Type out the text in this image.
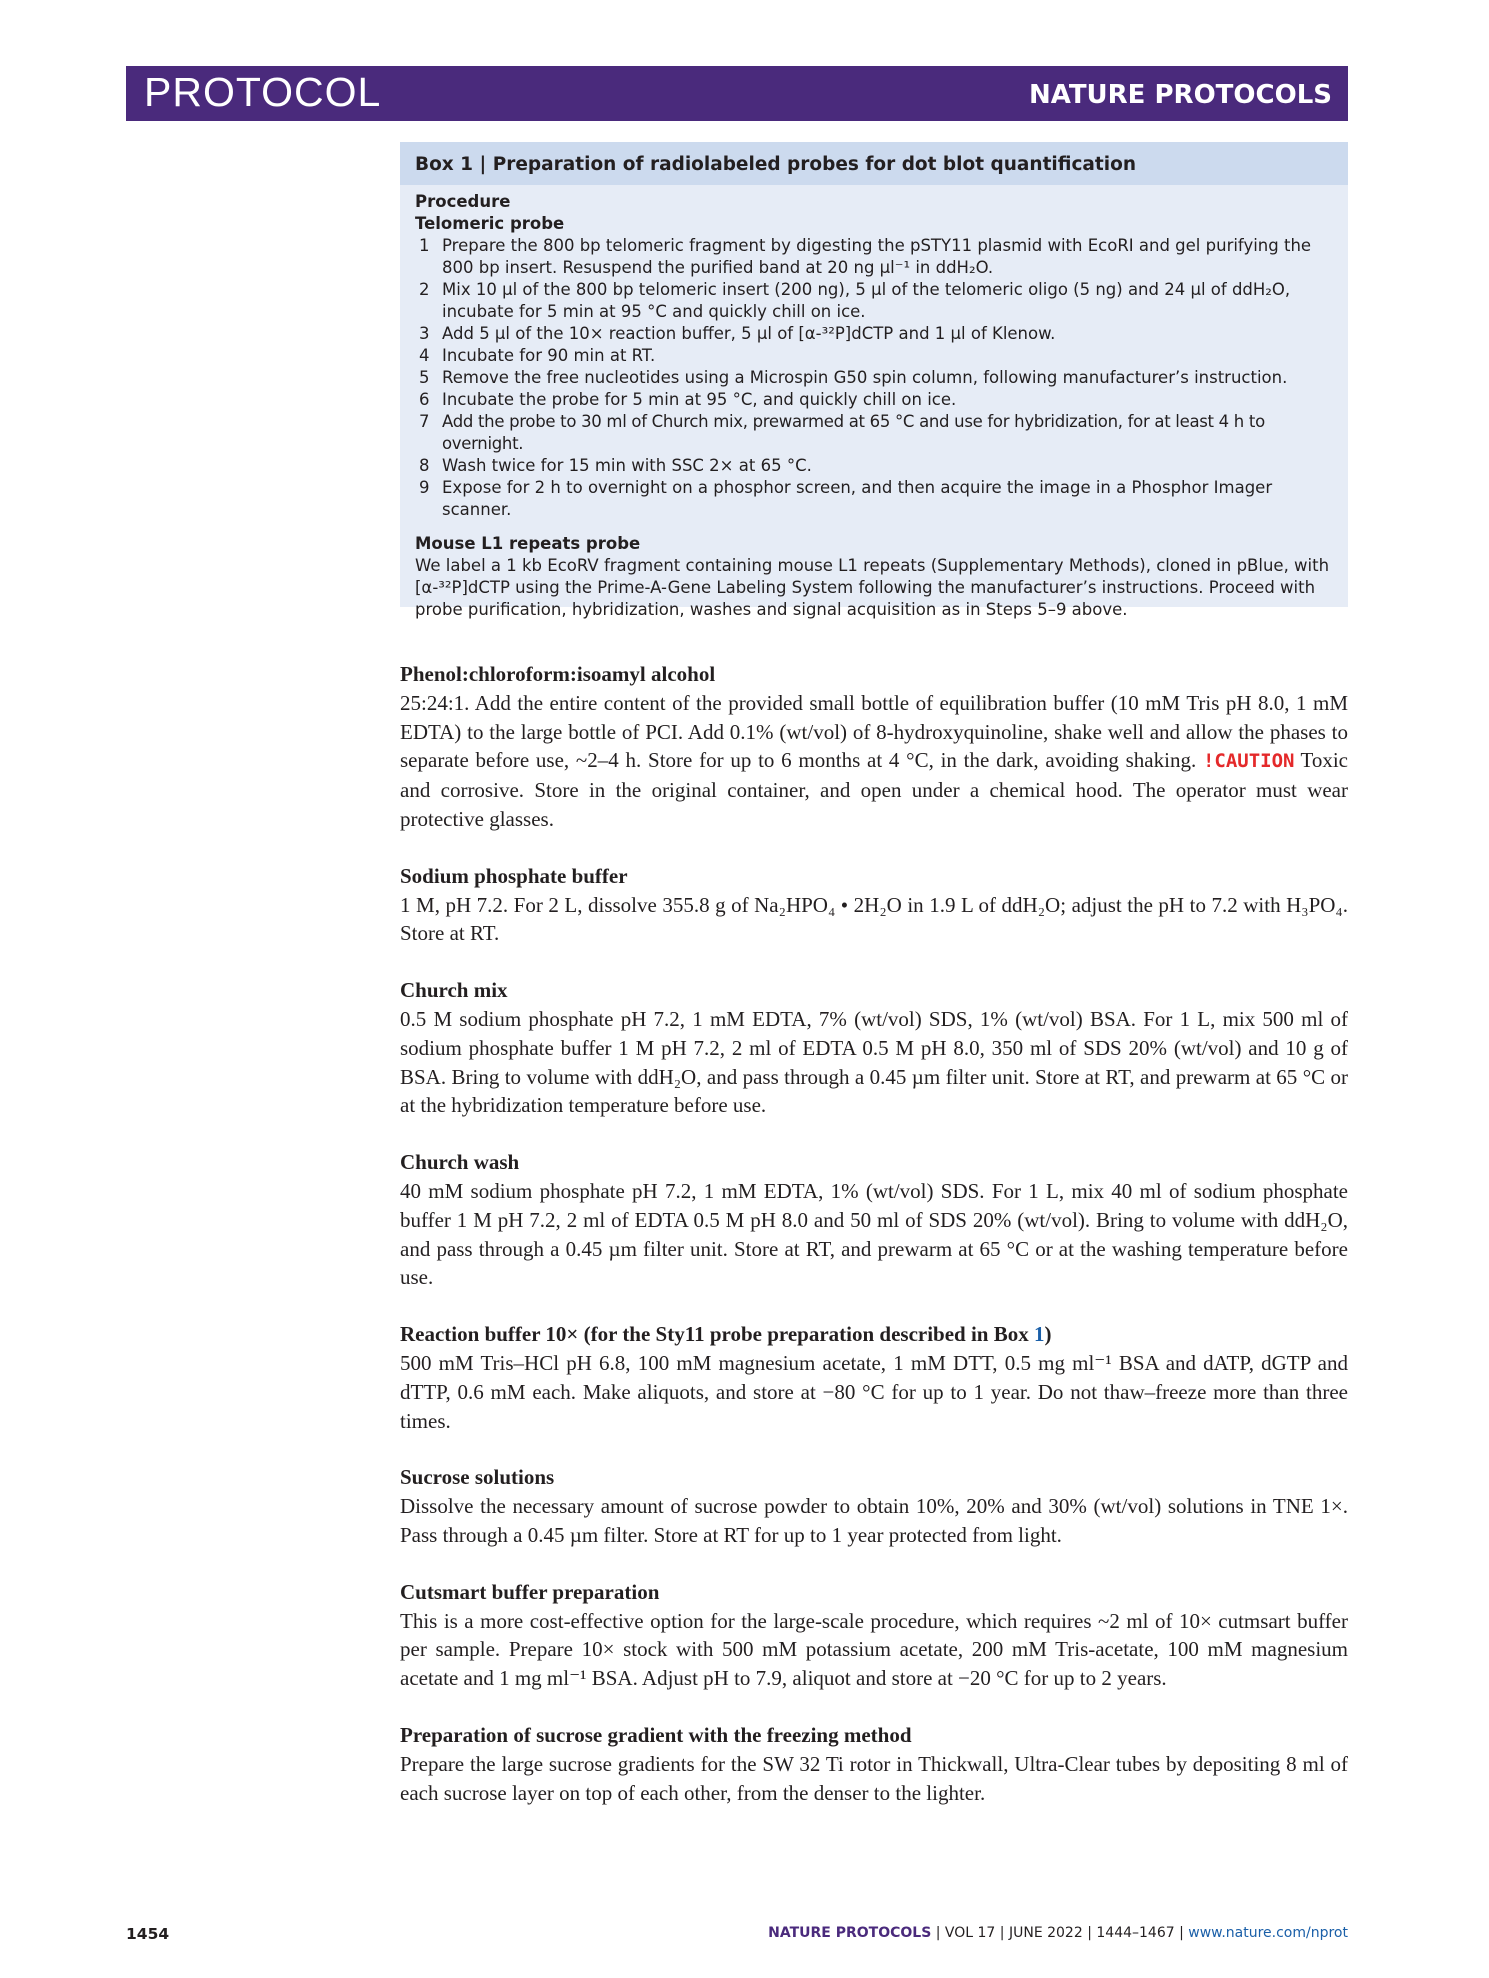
PROTOCOL	NATURE PROTOCOLS
Box 1 | Preparation of radiolabeled probes for dot blot quantification
Procedure
Telomeric probe
1 Prepare the 800 bp telomeric fragment by digesting the pSTY11 plasmid with EcoRI and gel purifying the 800 bp insert. Resuspend the purified band at 20 ng µl⁻¹ in ddH₂O.
2 Mix 10 µl of the 800 bp telomeric insert (200 ng), 5 µl of the telomeric oligo (5 ng) and 24 µl of ddH₂O, incubate for 5 min at 95 °C and quickly chill on ice.
3 Add 5 µl of the 10× reaction buffer, 5 µl of [α-³²P]dCTP and 1 µl of Klenow.
4 Incubate for 90 min at RT.
5 Remove the free nucleotides using a Microspin G50 spin column, following manufacturer’s instruction.
6 Incubate the probe for 5 min at 95 °C, and quickly chill on ice.
7 Add the probe to 30 ml of Church mix, prewarmed at 65 °C and use for hybridization, for at least 4 h to overnight.
8 Wash twice for 15 min with SSC 2× at 65 °C.
9 Expose for 2 h to overnight on a phosphor screen, and then acquire the image in a Phosphor Imager scanner.
Mouse L1 repeats probe
We label a 1 kb EcoRV fragment containing mouse L1 repeats (Supplementary Methods), cloned in pBlue, with [α-³²P]dCTP using the Prime-A-Gene Labeling System following the manufacturer’s instructions. Proceed with probe purification, hybridization, washes and signal acquisition as in Steps 5–9 above.
Phenol:chloroform:isoamyl alcohol

25:24:1. Add the entire content of the provided small bottle of equilibration buffer (10 mM Tris pH 8.0, 1 mM EDTA) to the large bottle of PCI. Add 0.1% (wt/vol) of 8-hydroxyquinoline, shake well and allow the phases to separate before use, ~2–4 h. Store for up to 6 months at 4 °C, in the dark, avoiding shaking. !CAUTION Toxic and corrosive. Store in the original container, and open under a chemical hood. The operator must wear protective glasses.

Sodium phosphate buffer

1 M, pH 7.2. For 2 L, dissolve 355.8 g of Na₂HPO₄ • 2H₂O in 1.9 L of ddH₂O; adjust the pH to 7.2 with H₃PO₄. Store at RT.

Church mix

0.5 M sodium phosphate pH 7.2, 1 mM EDTA, 7% (wt/vol) SDS, 1% (wt/vol) BSA. For 1 L, mix 500 ml of sodium phosphate buffer 1 M pH 7.2, 2 ml of EDTA 0.5 M pH 8.0, 350 ml of SDS 20% (wt/vol) and 10 g of BSA. Bring to volume with ddH₂O, and pass through a 0.45 µm filter unit. Store at RT, and prewarm at 65 °C or at the hybridization temperature before use.

Church wash

40 mM sodium phosphate pH 7.2, 1 mM EDTA, 1% (wt/vol) SDS. For 1 L, mix 40 ml of sodium phosphate buffer 1 M pH 7.2, 2 ml of EDTA 0.5 M pH 8.0 and 50 ml of SDS 20% (wt/vol). Bring to volume with ddH₂O, and pass through a 0.45 µm filter unit. Store at RT, and prewarm at 65 °C or at the washing temperature before use.

Reaction buffer 10× (for the Sty11 probe preparation described in Box 1)

500 mM Tris–HCl pH 6.8, 100 mM magnesium acetate, 1 mM DTT, 0.5 mg ml⁻¹ BSA and dATP, dGTP and dTTP, 0.6 mM each. Make aliquots, and store at −80 °C for up to 1 year. Do not thaw–freeze more than three times.

Sucrose solutions

Dissolve the necessary amount of sucrose powder to obtain 10%, 20% and 30% (wt/vol) solutions in TNE 1×. Pass through a 0.45 µm filter. Store at RT for up to 1 year protected from light.

Cutsmart buffer preparation

This is a more cost-effective option for the large-scale procedure, which requires ~2 ml of 10× cutmsart buffer per sample. Prepare 10× stock with 500 mM potassium acetate, 200 mM Tris-acetate, 100 mM magnesium acetate and 1 mg ml⁻¹ BSA. Adjust pH to 7.9, aliquot and store at −20 °C for up to 2 years.

Preparation of sucrose gradient with the freezing method

Prepare the large sucrose gradients for the SW 32 Ti rotor in Thickwall, Ultra-Clear tubes by depositing 8 ml of each sucrose layer on top of each other, from the denser to the lighter.

1454	NATURE PROTOCOLS | VOL 17 | JUNE 2022 | 1444–1467 | www.nature.com/nprot
